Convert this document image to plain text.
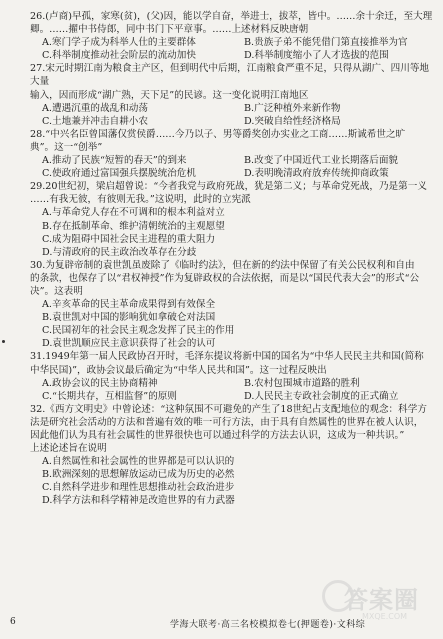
26.(卢商)早孤，家寒(贫)，(父)因，能以学自奋，举进士，拔萃，皆中。……余十余迁，至大理
卿。……擢中书侍郎，同中书门下平章事。……上述材料反映唐朝
A.寒门学子成为科举人仕的主要群体	B.贵族子弟不能凭借门第直接推举为官
C.科举制度推动社会阶层的流动加快	D.科举制度缩小了人才选拔的范围
27.宋元时期江南为粮食主产区，但到明代中后期，江南粮食严重不足，只得从湖广、四川等地大量
输入，因而形成“湖广熟，天下足”的民谚。这一变化说明江南地区
A.遭遇沉重的战乱和动荡	B.广泛种植外来新作物
C.土地兼并冲击自耕小农	D.突破自给性经济格局
28.“中兴名臣曾国藩仅赏侯爵……今乃以子、男等爵奖创办实业之工商……斯诚希世之旷
典”。这一“创举”
A.推动了民族“短暂的春天”的到来	B.改变了中国近代工业长期落后面貌
C.使政府通过富国强兵摆脱统治危机	D.表明晚清政府放弃传统抑商政策
29.20世纪初，梁启超曾说：“今者我党与政府死战，犹是第二义；与革命党死战，乃是第一义
……有我无彼，有彼则无我。”这说明，此时的立宪派
A.与革命党人存在不可调和的根本利益对立
B.存在抵制革命、维护清朝统治的主观愿望
C.成为阻碍中国社会民主进程的重大阻力
D.与清政府的民主政治改革存在分歧
30.为复辟帝制的袁世凯虽废除了《临时约法》，但在新的约法中保留了有关公民权利和自由
的条款，也保存了以“君权神授”作为复辟政权的合法依据，而是以“国民代表大会”的形式“公
决”。这表明
A.辛亥革命的民主革命成果得到有效保全
B.袁世凯对中国的影响犹如拿破仑对法国
C.民国初年的社会民主观念发挥了民主的作用
D.袁世凯顺应民主意识获得了社会的认可
31.1949年第一届人民政协召开时，毛泽东提议将新中国的国名为“中华人民民主共和国(简称
中华民国)”，政协会议最后确定为“中华人民共和国”。这一过程反映出
A.政协会议的民主协商精神	B.农村包围城市道路的胜利
C.“长期共存，互相监督”的原则	D.人民民主专政社会制度的正式确立
32.《西方文明史》中曾论述：“这种氛围不可避免的产生了18世纪占支配地位的观念：科学方
法是研究社会活动的方法和普遍有效的唯一可行方法，由于具有自然属性的世界在被人认识，
因此他们认为具有社会属性的世界很快也可以通过科学的方法去认识，这成为一种共识。”
上述论述旨在说明
A.自然属性和社会属性的世界都是可以认识的
B.欧洲深刻的思想解放运动已成为历史的必然
C.自然科学进步和理性思想推动社会政治进步
D.科学方法和科学精神是改造世界的有力武器
6	学海大联考·高三名校模拟卷七(押题卷)·文科综
答案圈
MXQE.COM
